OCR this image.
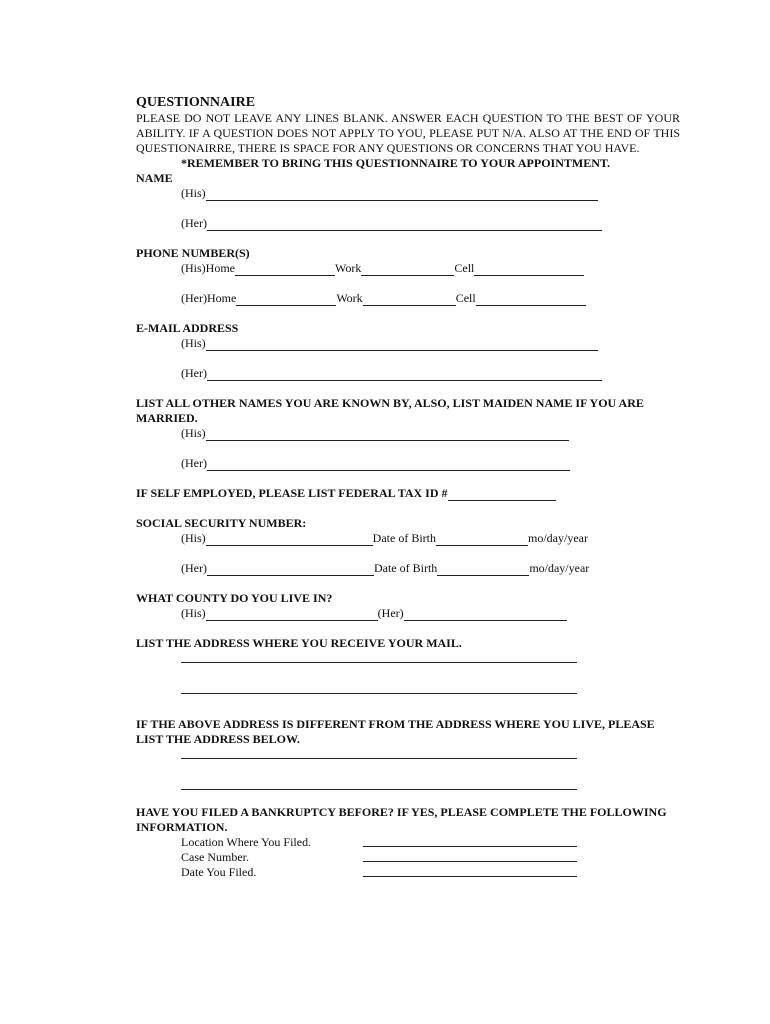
QUESTIONNAIRE

PLEASE DO NOT LEAVE ANY LINES BLANK. ANSWER EACH QUESTION TO THE BEST OF YOUR ABILITY. IF A QUESTION DOES NOT APPLY TO YOU, PLEASE PUT N/A. ALSO AT THE END OF THIS QUESTIONAIRRE, THERE IS SPACE FOR ANY QUESTIONS OR CONCERNS THAT YOU HAVE.

*REMEMBER TO BRING THIS QUESTIONNAIRE TO YOUR APPOINTMENT.

NAME

(His)
(Her)

PHONE NUMBER(S)

(His)Home	Work	Cell
(Her)Home	Work	Cell

E-MAIL ADDRESS

(His)
(Her)

LIST ALL OTHER NAMES YOU ARE KNOWN BY, ALSO, LIST MAIDEN NAME IF YOU ARE MARRIED.

(His)
(Her)
IF SELF EMPLOYED, PLEASE LIST FEDERAL TAX ID #

SOCIAL SECURITY NUMBER:

(His)	Date of Birth	mo/day/year
(Her)	Date of Birth	mo/day/year

WHAT COUNTY DO YOU LIVE IN?

(His)	(Her)

LIST THE ADDRESS WHERE YOU RECEIVE YOUR MAIL.

IF THE ABOVE ADDRESS IS DIFFERENT FROM THE ADDRESS WHERE YOU LIVE, PLEASE LIST THE ADDRESS BELOW.

HAVE YOU FILED A BANKRUPTCY BEFORE? IF YES, PLEASE COMPLETE THE FOLLOWING INFORMATION.

Location Where You Filed.
Case Number.
Date You Filed.
